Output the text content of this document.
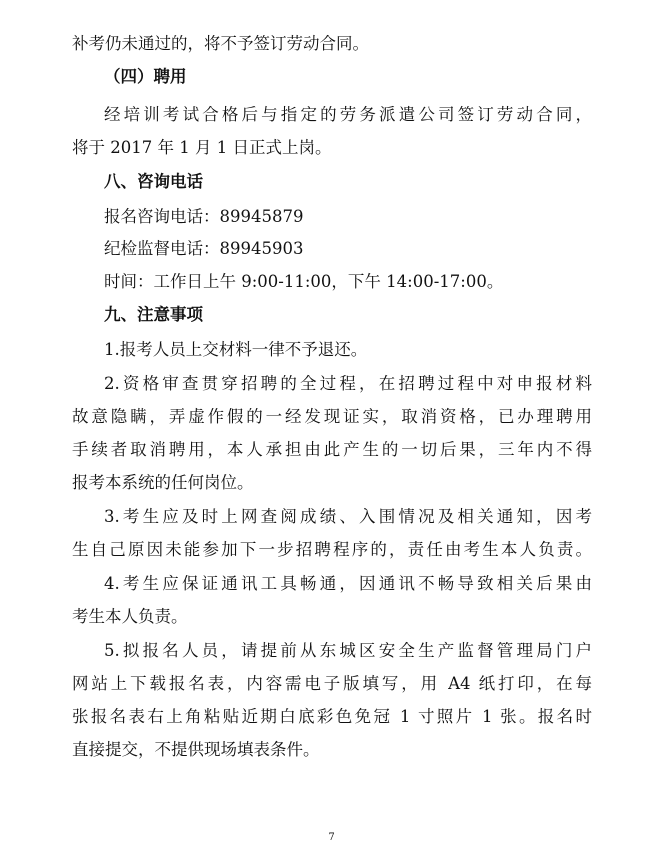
补考仍未通过的，将不予签订劳动合同。
（四）聘用
经培训考试合格后与指定的劳务派遣公司签订劳动合同，
将于 2017 年 1 月 1 日正式上岗。
八、咨询电话
报名咨询电话：89945879
纪检监督电话：89945903
时间：工作日上午 9:00-11:00，下午 14:00-17:00。
九、注意事项
1.报考人员上交材料一律不予退还。
2.资格审查贯穿招聘的全过程，在招聘过程中对申报材料
故意隐瞒，弄虚作假的一经发现证实，取消资格，已办理聘用
手续者取消聘用，本人承担由此产生的一切后果，三年内不得
报考本系统的任何岗位。
3.考生应及时上网查阅成绩、入围情况及相关通知，因考
生自己原因未能参加下一步招聘程序的，责任由考生本人负责。
4.考生应保证通讯工具畅通，因通讯不畅导致相关后果由
考生本人负责。
5.拟报名人员，请提前从东城区安全生产监督管理局门户
网站上下载报名表，内容需电子版填写，用 A4 纸打印，在每
张报名表右上角粘贴近期白底彩色免冠 1 寸照片 1 张。报名时
直接提交，不提供现场填表条件。
7
